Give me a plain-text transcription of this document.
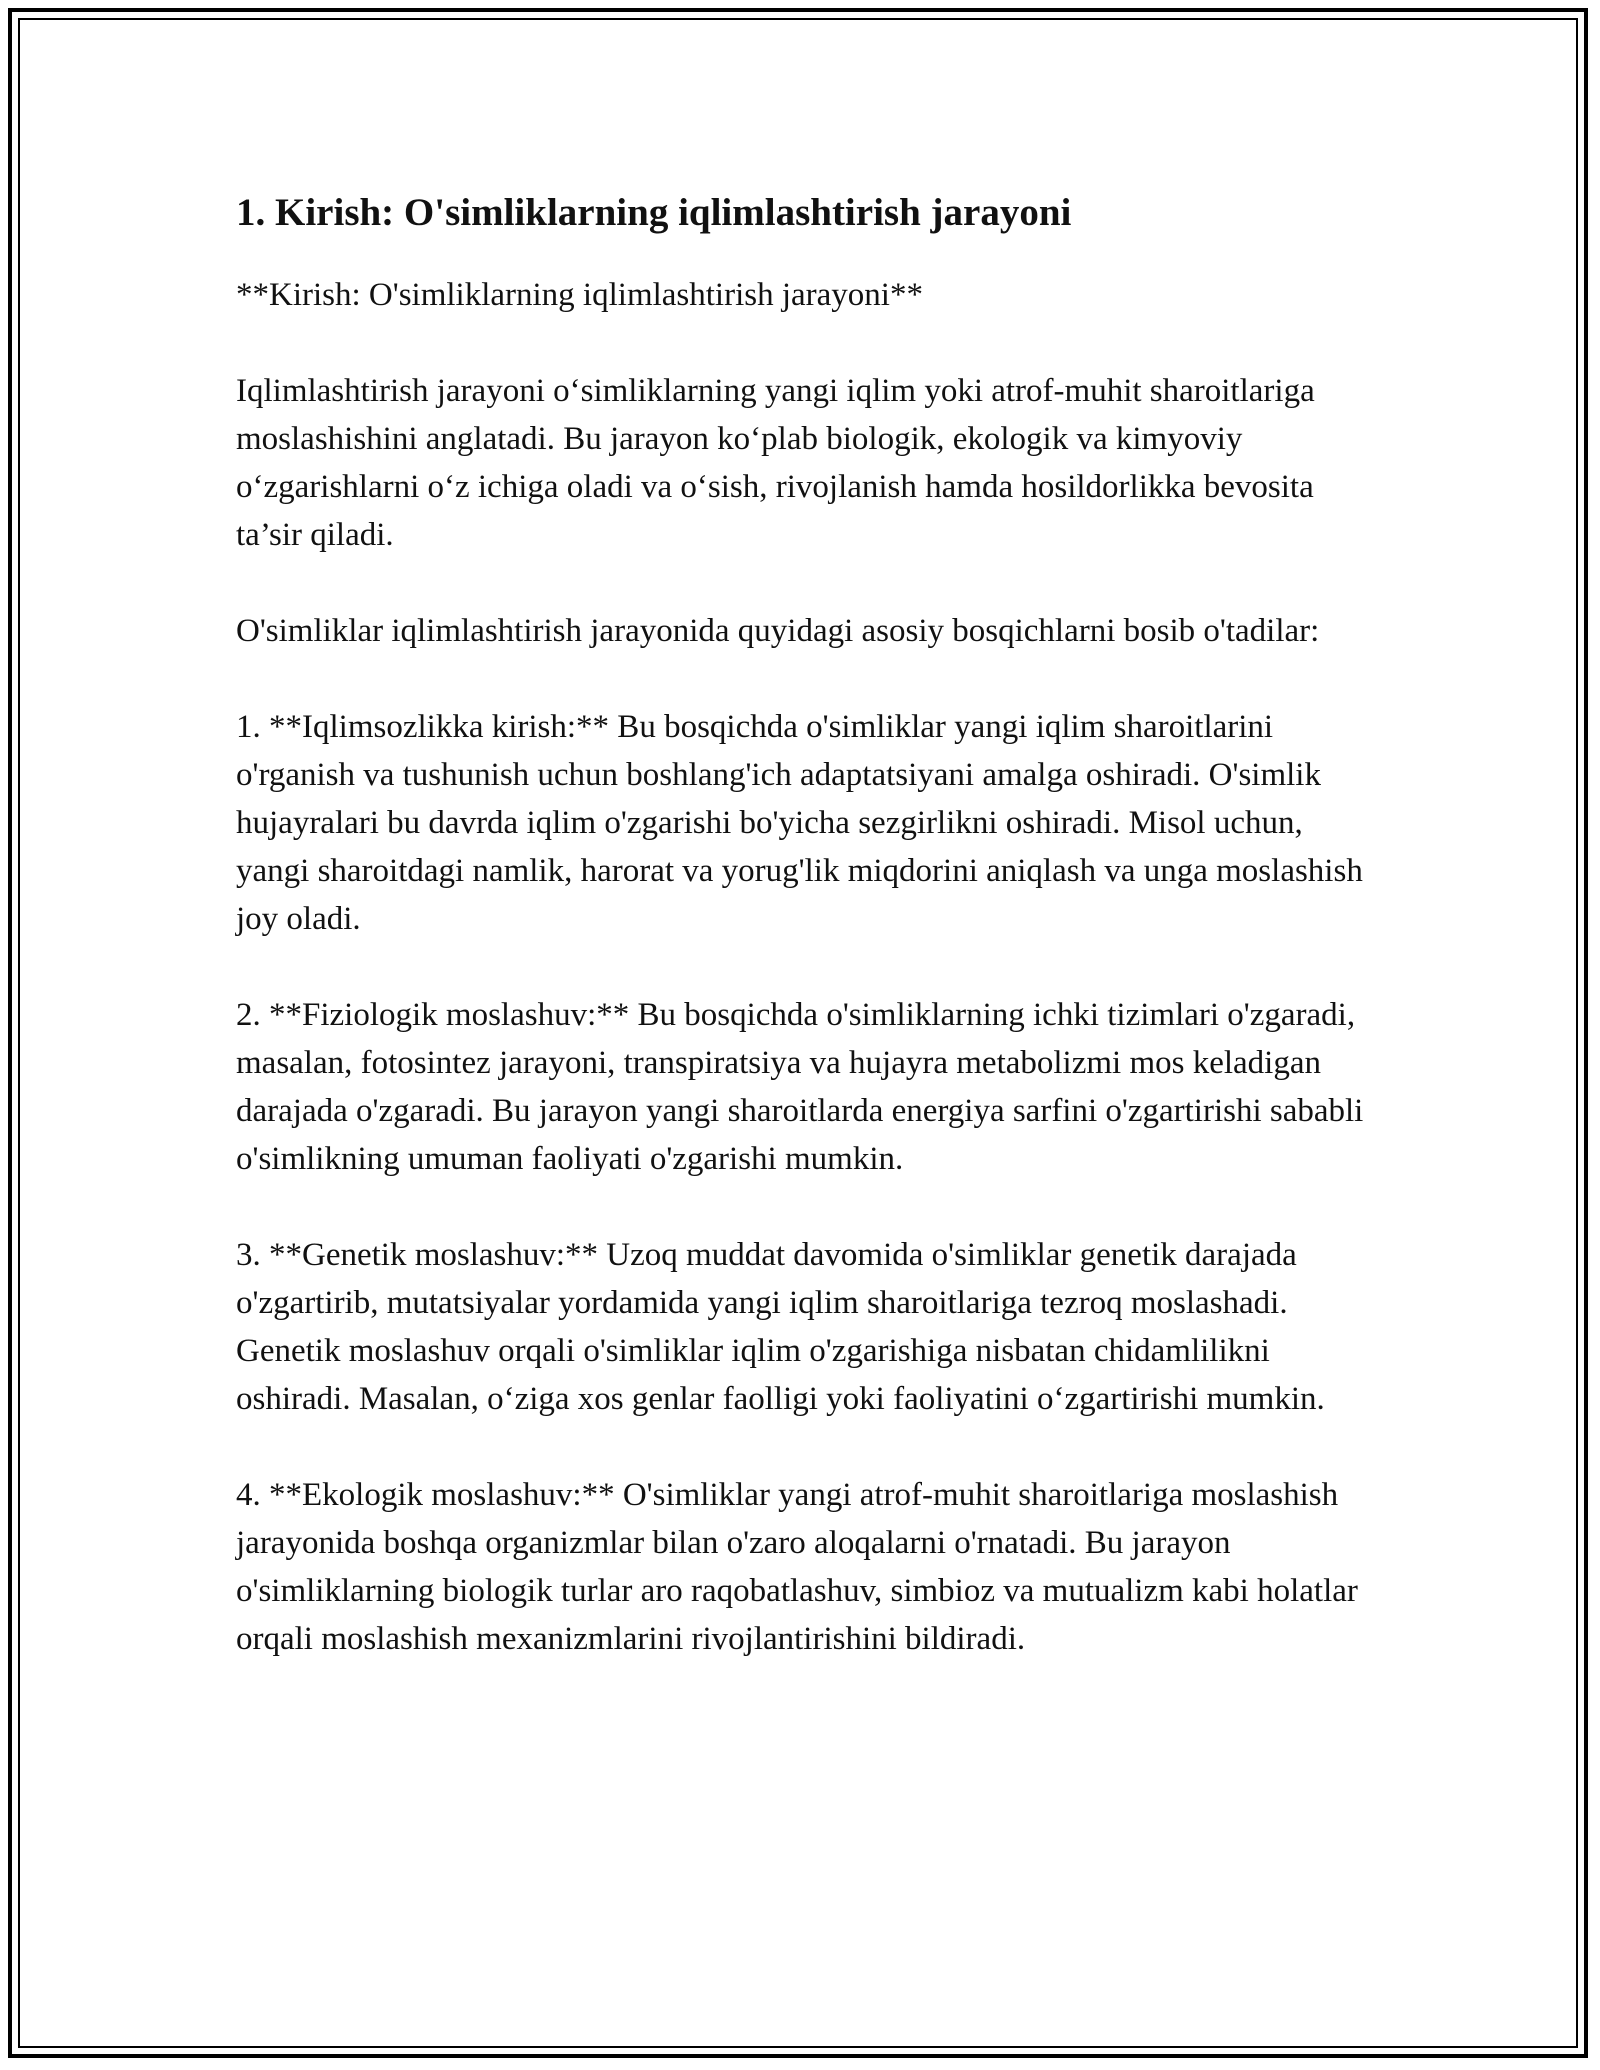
1. Kirish: O'simliklarning iqlimlashtirish jarayoni

**Kirish: O'simliklarning iqlimlashtirish jarayoni**

Iqlimlashtirish jarayoni o‘simliklarning yangi iqlim yoki atrof-muhit sharoitlariga moslashishini anglatadi. Bu jarayon ko‘plab biologik, ekologik va kimyoviy o‘zgarishlarni o‘z ichiga oladi va o‘sish, rivojlanish hamda hosildorlikka bevosita ta’sir qiladi.

O'simliklar iqlimlashtirish jarayonida quyidagi asosiy bosqichlarni bosib o'tadilar:

1. **Iqlimsozlikka kirish:** Bu bosqichda o'simliklar yangi iqlim sharoitlarini o'rganish va tushunish uchun boshlang'ich adaptatsiyani amalga oshiradi. O'simlik hujayralari bu davrda iqlim o'zgarishi bo'yicha sezgirlikni oshiradi. Misol uchun, yangi sharoitdagi namlik, harorat va yorug'lik miqdorini aniqlash va unga moslashish joy oladi.

2. **Fiziologik moslashuv:** Bu bosqichda o'simliklarning ichki tizimlari o'zgaradi, masalan, fotosintez jarayoni, transpiratsiya va hujayra metabolizmi mos keladigan darajada o'zgaradi. Bu jarayon yangi sharoitlarda energiya sarfini o'zgartirishi sababli o'simlikning umuman faoliyati o'zgarishi mumkin.

3. **Genetik moslashuv:** Uzoq muddat davomida o'simliklar genetik darajada o'zgartirib, mutatsiyalar yordamida yangi iqlim sharoitlariga tezroq moslashadi. Genetik moslashuv orqali o'simliklar iqlim o'zgarishiga nisbatan chidamlilikni oshiradi. Masalan, o‘ziga xos genlar faolligi yoki faoliyatini o‘zgartirishi mumkin.

4. **Ekologik moslashuv:** O'simliklar yangi atrof-muhit sharoitlariga moslashish jarayonida boshqa organizmlar bilan o'zaro aloqalarni o'rnatadi. Bu jarayon o'simliklarning biologik turlar aro raqobatlashuv, simbioz va mutualizm kabi holatlar orqali moslashish mexanizmlarini rivojlantirishini bildiradi.
